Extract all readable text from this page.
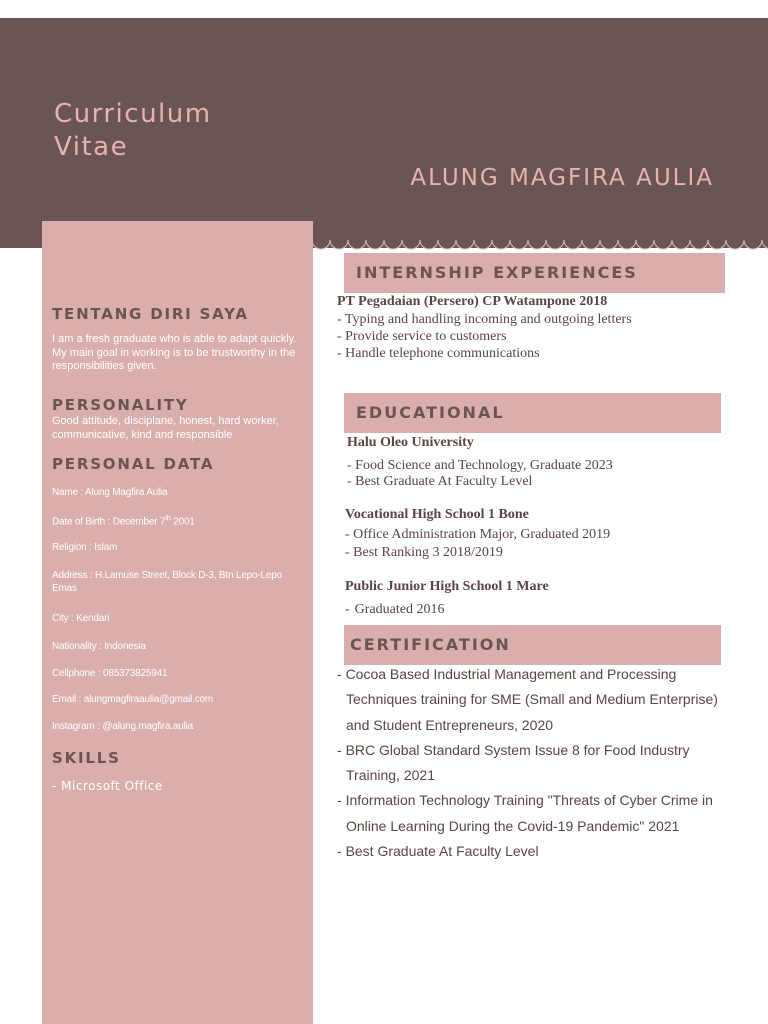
Curriculum
Vitae
ALUNG MAGFIRA AULIA
TENTANG DIRI SAYA

I am a fresh graduate who is able to adapt quickly. My main goal in working is to be trustworthy in the responsibilities given.

PERSONALITY

Good attitude, disciplane, honest, hard worker, communicative, kind and responsible

PERSONAL DATA

Name : Alung Magfira Aulia

Date of Birth : December 7th 2001

Religion : Islam

Address : H.Lamuse Street, Block D-3, Btn Lepo-Lepo Emas

City : Kendari

Nationality : Indonesia

Cellphone : 085373825941

Email : alungmagfiraaulia@gmail.com

Instagram : @alung.magfira.aulia

SKILLS

- Microsoft Office

INTERNSHIP EXPERIENCES

PT Pegadaian (Persero) CP Watampone 2018

- Typing and handling incoming and outgoing letters

- Provide service to customers

- Handle telephone communications

EDUCATIONAL

Halu Oleo University

- Food Science and Technology, Graduate 2023

- Best Graduate At Faculty Level

Vocational High School 1 Bone

- Office Administration Major, Graduated 2019

- Best Ranking 3 2018/2019

Public Junior High School 1 Mare

- Graduated 2016

CERTIFICATION
- Cocoa Based Industrial Management and Processing Techniques training for SME (Small and Medium Enterprise) and Student Entrepreneurs, 2020
- BRC Global Standard System Issue 8 for Food Industry Training, 2021
- Information Technology Training "Threats of Cyber Crime in Online Learning During the Covid-19 Pandemic" 2021
- Best Graduate At Faculty Level
